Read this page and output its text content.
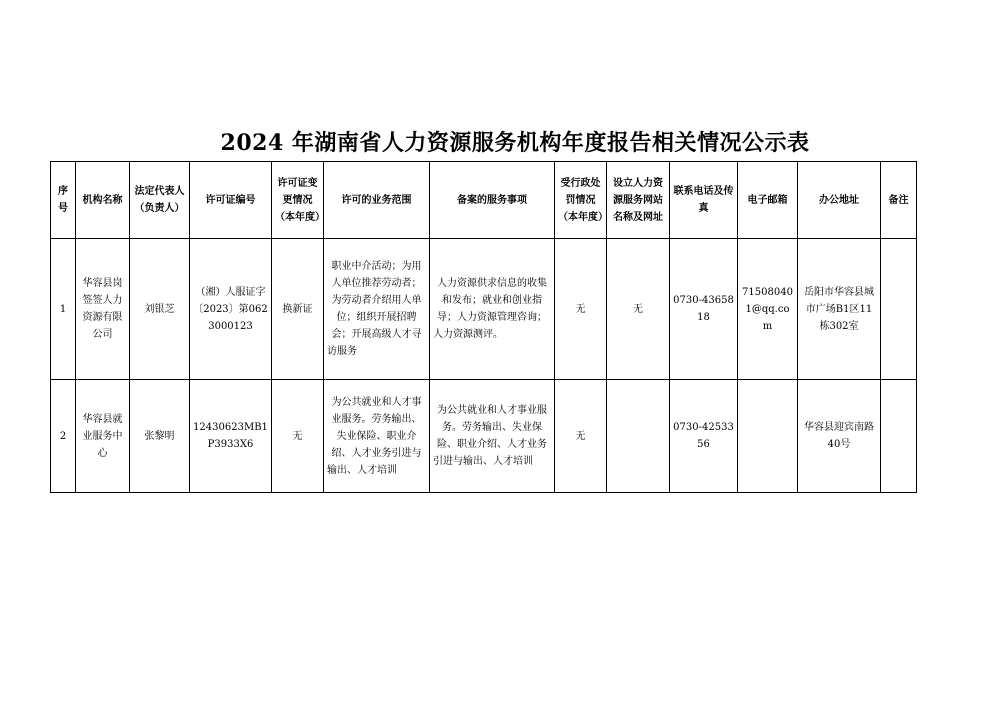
2024 年湖南省人力资源服务机构年度报告相关情况公示表
序号	机构名称	法定代表人（负责人）	许可证编号	许可证变更情况（本年度）	许可的业务范围	备案的服务事项	受行政处罚情况（本年度）	设立人力资源服务网站名称及网址	联系电话及传真	电子邮箱	办公地址	备注
1	华容县岗签签人力资源有限公司	刘银芝	（湘）人服证字〔2023〕第0623000123	换新证	职业中介活动；为用人单位推荐劳动者；为劳动者介绍用人单位；组织开展招聘会；开展高级人才寻访服务	人力资源供求信息的收集和发布；就业和创业指导；人力资源管理咨询；人力资源测评。	无	无	0730-4365818	715080401@qq.com	岳阳市华容县城市广场B1区11栋302室	
2	华容县就业服务中心	张黎明	12430623MB1P3933X6	无	为公共就业和人才事业服务。劳务输出、失业保险、职业介绍、人才业务引进与输出、人才培训	为公共就业和人才事业服务。劳务输出、失业保险、职业介绍、人才业务引进与输出、人才培训	无		0730-4253356		华容县迎宾南路40号	
